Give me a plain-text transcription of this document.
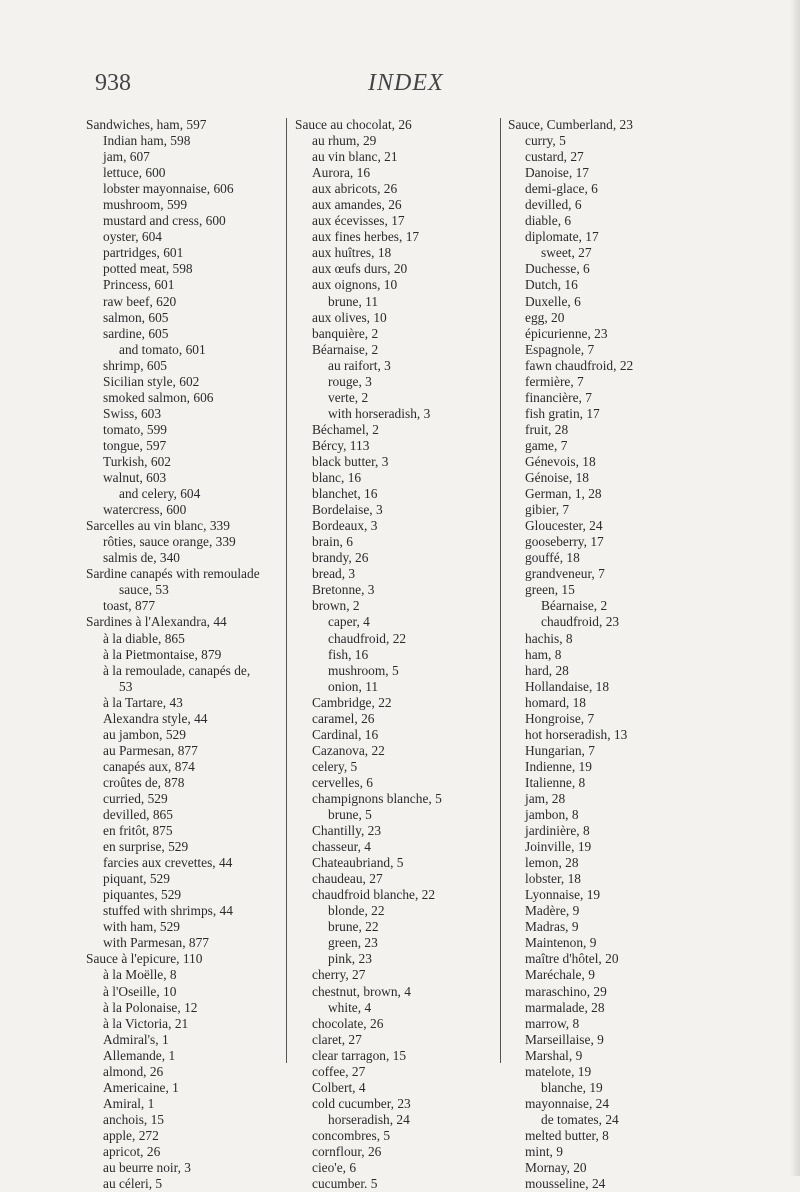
938	INDEX
Sandwiches, ham, 597
Indian ham, 598
jam, 607
lettuce, 600
lobster mayonnaise, 606
mushroom, 599
mustard and cress, 600
oyster, 604
partridges, 601
potted meat, 598
Princess, 601
raw beef, 620
salmon, 605
sardine, 605
and tomato, 601
shrimp, 605
Sicilian style, 602
smoked salmon, 606
Swiss, 603
tomato, 599
tongue, 597
Turkish, 602
walnut, 603
and celery, 604
watercress, 600
Sarcelles au vin blanc, 339
rôties, sauce orange, 339
salmis de, 340
Sardine canapés with remoulade
sauce, 53
toast, 877
Sardines à l'Alexandra, 44
à la diable, 865
à la Pietmontaise, 879
à la remoulade, canapés de,
53
à la Tartare, 43
Alexandra style, 44
au jambon, 529
au Parmesan, 877
canapés aux, 874
croûtes de, 878
curried, 529
devilled, 865
en fritôt, 875
en surprise, 529
farcies aux crevettes, 44
piquant, 529
piquantes, 529
stuffed with shrimps, 44
with ham, 529
with Parmesan, 877
Sauce à l'epicure, 110
à la Moëlle, 8
à l'Oseille, 10
à la Polonaise, 12
à la Victoria, 21
Admiral's, 1
Allemande, 1
almond, 26
Americaine, 1
Amiral, 1
anchois, 15
apple, 272
apricot, 26
au beurre noir, 3
au céleri, 5
Sauce au chocolat, 26
au rhum, 29
au vin blanc, 21
Aurora, 16
aux abricots, 26
aux amandes, 26
aux écevisses, 17
aux fines herbes, 17
aux huîtres, 18
aux œufs durs, 20
aux oignons, 10
brune, 11
aux olives, 10
banquière, 2
Béarnaise, 2
au raifort, 3
rouge, 3
verte, 2
with horseradish, 3
Béchamel, 2
Bércy, 113
black butter, 3
blanc, 16
blanchet, 16
Bordelaise, 3
Bordeaux, 3
brain, 6
brandy, 26
bread, 3
Bretonne, 3
brown, 2
caper, 4
chaudfroid, 22
fish, 16
mushroom, 5
onion, 11
Cambridge, 22
caramel, 26
Cardinal, 16
Cazanova, 22
celery, 5
cervelles, 6
champignons blanche, 5
brune, 5
Chantilly, 23
chasseur, 4
Chateaubriand, 5
chaudeau, 27
chaudfroid blanche, 22
blonde, 22
brune, 22
green, 23
pink, 23
cherry, 27
chestnut, brown, 4
white, 4
chocolate, 26
claret, 27
clear tarragon, 15
coffee, 27
Colbert, 4
cold cucumber, 23
horseradish, 24
concombres, 5
cornflour, 26
cieo'e, 6
cucumber. 5
Sauce, Cumberland, 23
curry, 5
custard, 27
Danoise, 17
demi-glace, 6
devilled, 6
diable, 6
diplomate, 17
sweet, 27
Duchesse, 6
Dutch, 16
Duxelle, 6
egg, 20
épicurienne, 23
Espagnole, 7
fawn chaudfroid, 22
fermière, 7
financière, 7
fish gratin, 17
fruit, 28
game, 7
Génevois, 18
Génoise, 18
German, 1, 28
gibier, 7
Gloucester, 24
gooseberry, 17
gouffé, 18
grandveneur, 7
green, 15
Béarnaise, 2
chaudfroid, 23
hachis, 8
ham, 8
hard, 28
Hollandaise, 18
homard, 18
Hongroise, 7
hot horseradish, 13
Hungarian, 7
Indienne, 19
Italienne, 8
jam, 28
jambon, 8
jardinière, 8
Joinville, 19
lemon, 28
lobster, 18
Lyonnaise, 19
Madère, 9
Madras, 9
Maintenon, 9
maître d'hôtel, 20
Maréchale, 9
maraschino, 29
marmalade, 28
marrow, 8
Marseillaise, 9
Marshal, 9
matelote, 19
blanche, 19
mayonnaise, 24
de tomates, 24
melted butter, 8
mint, 9
Mornay, 20
mousseline, 24
